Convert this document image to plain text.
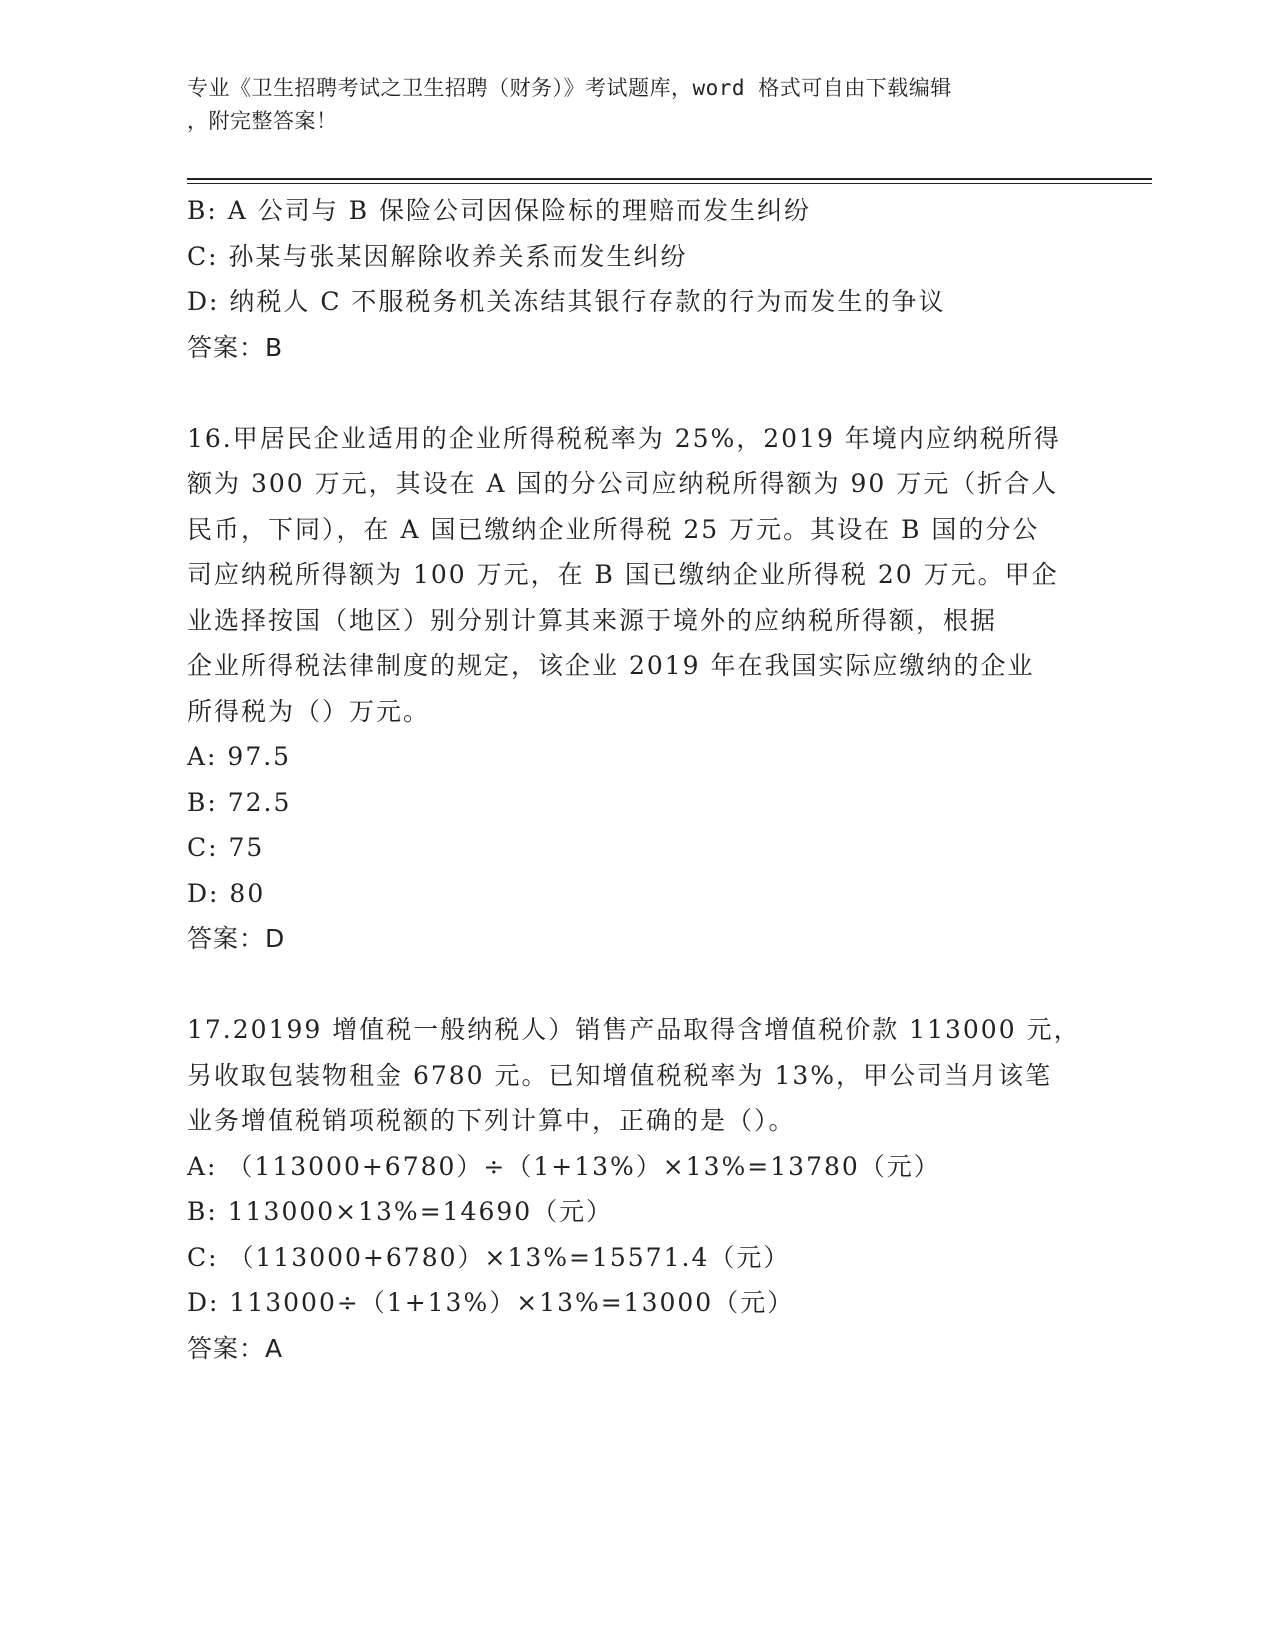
专业《卫生招聘考试之卫生招聘（财务）》考试题库，word 格式可自由下载编辑
，附完整答案！
B: A 公司与 B 保险公司因保险标的理赔而发生纠纷
C: 孙某与张某因解除收养关系而发生纠纷
D: 纳税人 C 不服税务机关冻结其银行存款的行为而发生的争议
答案：B
16.甲居民企业适用的企业所得税税率为 25%，2019 年境内应纳税所得
额为 300 万元，其设在 A 国的分公司应纳税所得额为 90 万元（折合人
民币，下同），在 A 国已缴纳企业所得税 25 万元。其设在 B 国的分公
司应纳税所得额为 100 万元，在 B 国已缴纳企业所得税 20 万元。甲企
业选择按国（地区）别分别计算其来源于境外的应纳税所得额，根据
企业所得税法律制度的规定，该企业 2019 年在我国实际应缴纳的企业
所得税为（）万元。
A: 97.5
B: 72.5
C: 75
D: 80
答案：D
17.20199 增值税一般纳税人）销售产品取得含增值税价款 113000 元，
另收取包装物租金 6780 元。已知增值税税率为 13%，甲公司当月该笔
业务增值税销项税额的下列计算中，正确的是（）。
A: （113000+6780）÷（1+13%）×13%=13780（元）
B: 113000×13%=14690（元）
C: （113000+6780）×13%=15571.4（元）
D: 113000÷（1+13%）×13%=13000（元）
答案：A
